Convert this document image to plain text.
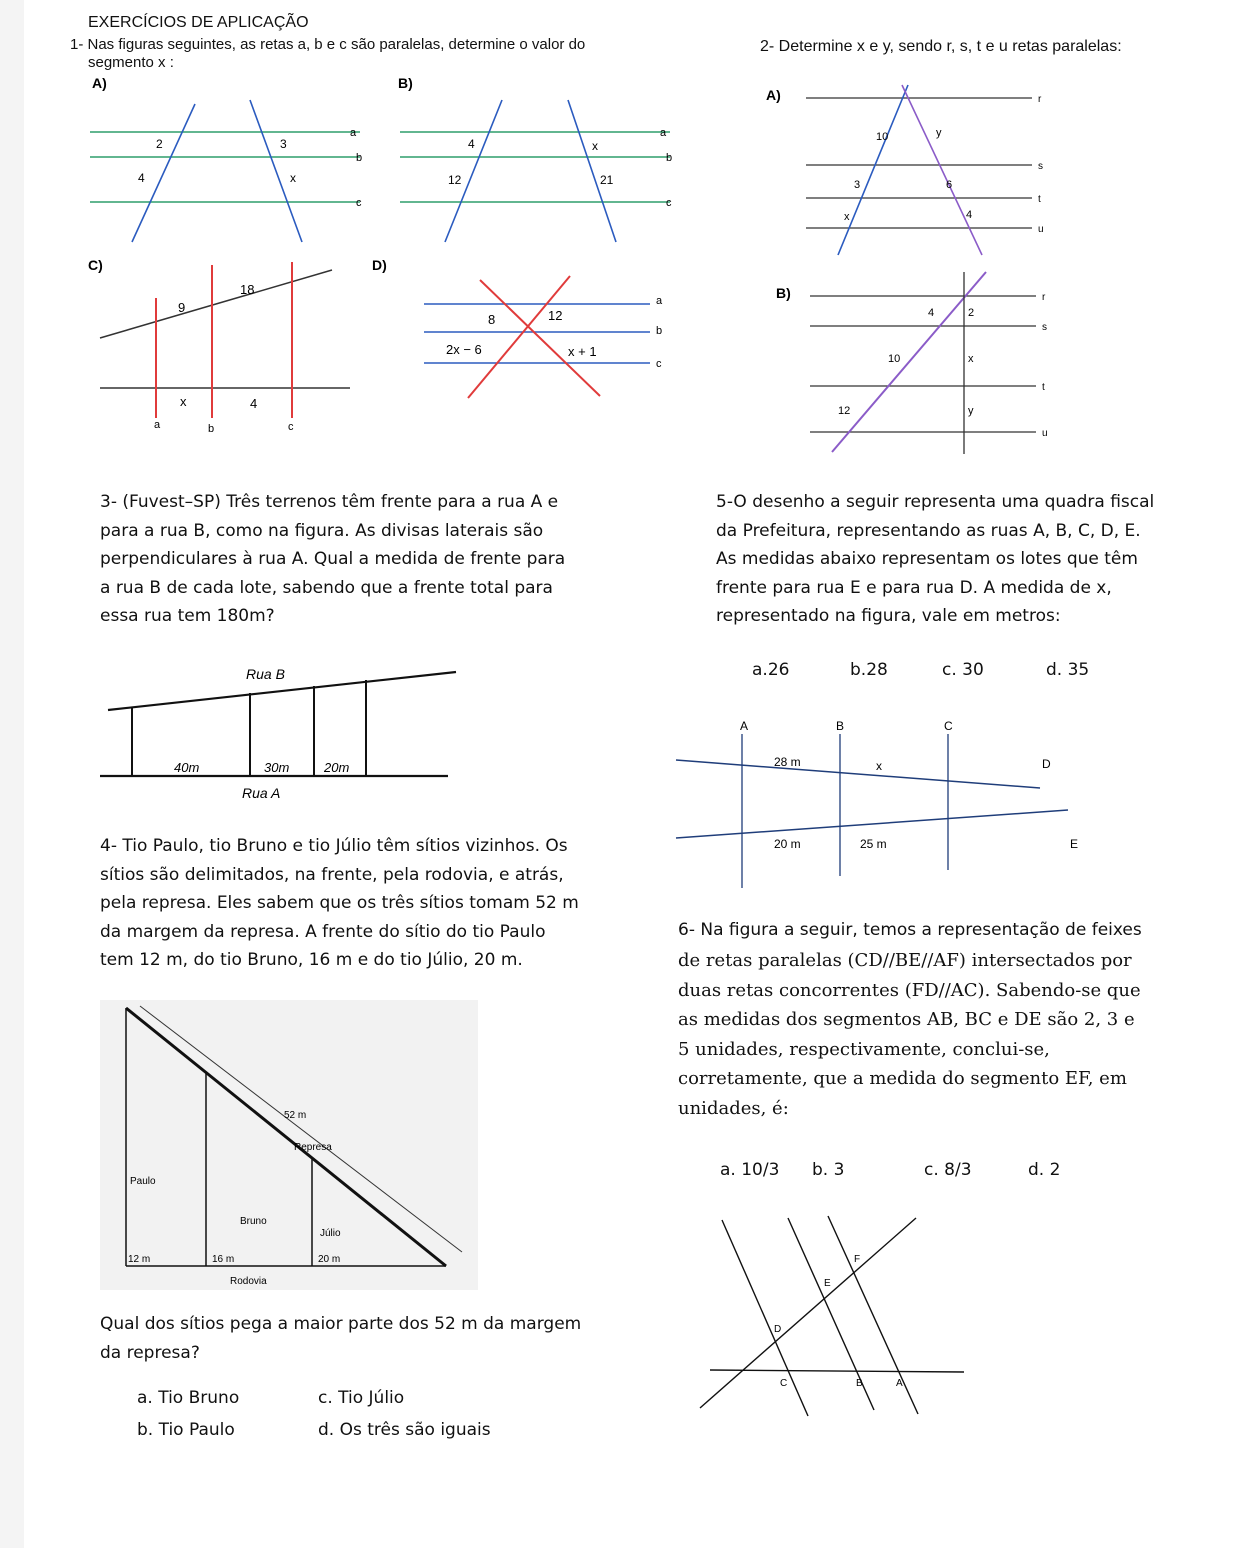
EXERCÍCIOS DE APLICAÇÃO
1- Nas figuras seguintes, as retas a, b e c são paralelas, determine o valor do
segmento x :
2- Determine x e y, sendo r, s, t e u retas paralelas:
A)
2	3
4	x
a
b
c
B)
4	x
12	21
a
b
c
C)
9
18
x	4
a	b	c
D)
8	12
2x − 6	x + 1
a
b
c
A)
10	y
3	6
x	4
r
s
t
u
B)
4	2
10	x
12	y
r
s
t
u
3- (Fuvest–SP) Três terrenos têm frente para a rua A e
para a rua B, como na figura. As divisas laterais são
perpendiculares à rua A. Qual a medida de frente para
a rua B de cada lote, sabendo que a frente total para
essa rua tem 180m?
Rua B
40m	30m	20m
Rua A
4- Tio Paulo, tio Bruno e tio Júlio têm sítios vizinhos. Os
sítios são delimitados, na frente, pela rodovia, e atrás,
pela represa. Eles sabem que os três sítios tomam 52 m
da margem da represa. A frente do sítio do tio Paulo
tem 12 m, do tio Bruno, 16 m e do tio Júlio, 20 m.
52 m
Represa
Paulo
Bruno
Júlio
12 m	16 m	20 m
Rodovia
Qual dos sítios pega a maior parte dos 52 m da margem
da represa?
a. Tio Bruno
b. Tio Paulo
c. Tio Júlio
d. Os três são iguais
5-O desenho a seguir representa uma quadra fiscal
da Prefeitura, representando as ruas A, B, C, D, E.
As medidas abaixo representam os lotes que têm
frente para rua E e para rua D. A medida de x,
representado na figura, vale em metros:
a.26	b.28	c. 30	d. 35
A	B	C
D
E
28 m	x
20 m	25 m
6- Na figura a seguir, temos a representação de feixes
de retas paralelas (CD//BE//AF) intersectados por
duas retas concorrentes (FD//AC). Sabendo-se que
as medidas dos segmentos AB, BC e DE são 2, 3 e
5 unidades, respectivamente, conclui-se,
corretamente, que a medida do segmento EF, em
unidades, é:
a. 10/3 b. 3	c. 8/3	d. 2
F
E
D
C	B	A
